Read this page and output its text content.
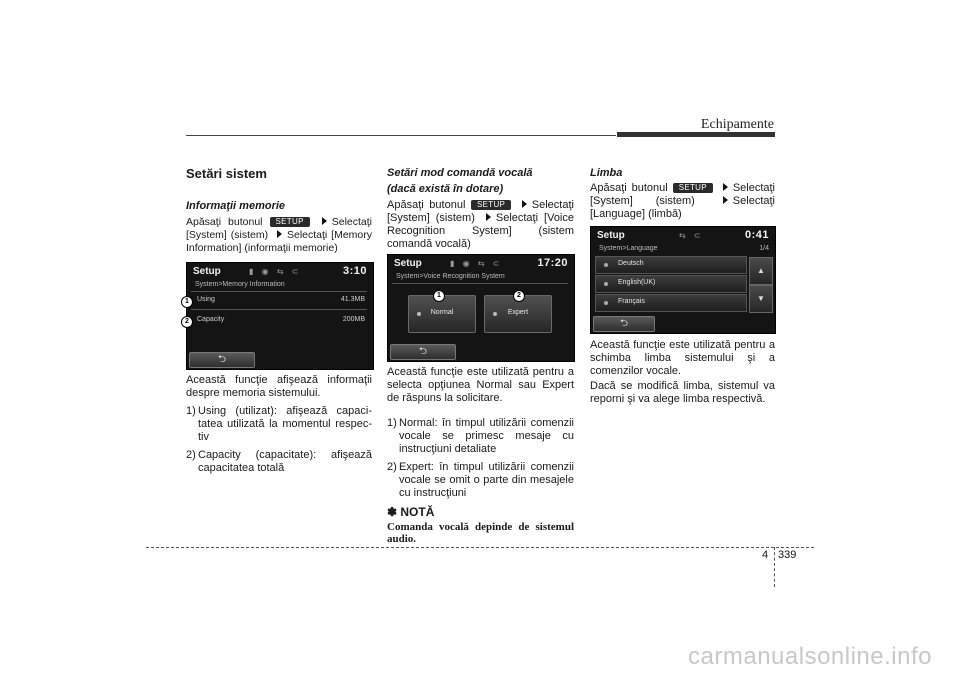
Echipamente
Setări sistem
Informaţii memorie
Apăsaţi butonul SETUP	Selectaţi [System] (sistem) Selectaţi [Memory Information] (informaţii memorie)
Setup	▮ ◉ ⇆ ⊂	3:10
System>Memory Information
Using	41.3MB
Capacity	200MB
⮌
1
2
Această funcţie afişează informaţii despre memoria sistemului.
1) Using (utilizat): afişează capacitatea utilizată la momentul respectiv
2) Capacity (capacitate): afişează capacitatea totală
Setări mod comandă vocală
(dacă există în dotare)
Apăsaţi butonul SETUP Selectaţi [System] (sistem) Selectaţi [Voice Recognition System] (sistem comandă vocală)
Setup	▮ ◉ ⇆ ⊂	17:20
System>Voice Recognition System
Normal	Expert
⮌
1	2
Această funcţie este utilizată pentru a selecta opţiunea Normal sau Expert de răspuns la solicitare.
1) Normal: în timpul utilizării comenzii vocale se primesc mesaje cu instrucţiuni detaliate
2) Expert: în timpul utilizării comenzii vocale se omit o parte din mesajele cu instrucţiuni
✽ NOTĂ
Comanda vocală depinde de sistemul audio.
Limba
Apăsaţi butonul SETUP Selectaţi [System] (sistem)	Selectaţi [Language] (limbă)
Setup	⇆ ⊂	0:41
System>Language	1/4
Deutsch
English(UK)
Français
▲
▼
⮌
Această funcţie este utilizată pentru a schimba limba sistemului şi a comenzilor vocale.
Dacă se modifică limba, sistemul va reporni şi va alege limba respectivă.
4 339
carmanualsonline.info
